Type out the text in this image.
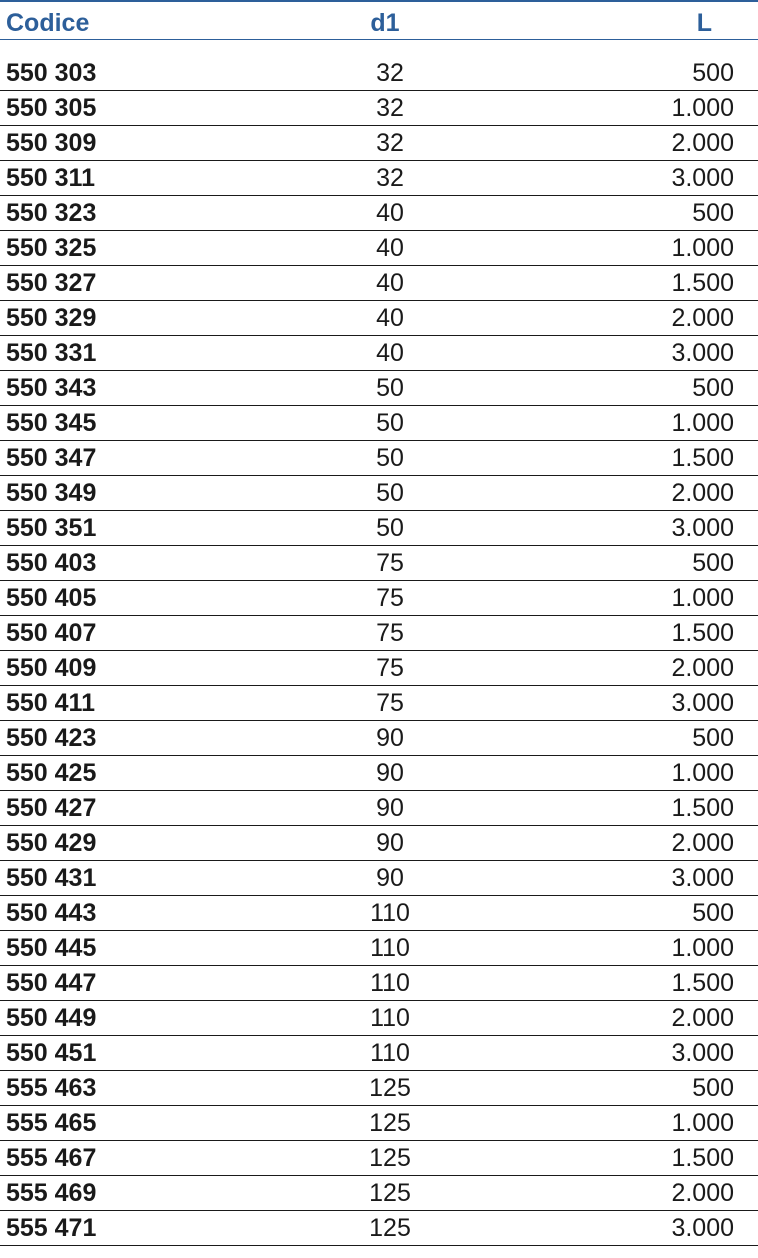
Codice	d1	L
550 303	32	500
550 305	32	1.000
550 309	32	2.000
550 311	32	3.000
550 323	40	500
550 325	40	1.000
550 327	40	1.500
550 329	40	2.000
550 331	40	3.000
550 343	50	500
550 345	50	1.000
550 347	50	1.500
550 349	50	2.000
550 351	50	3.000
550 403	75	500
550 405	75	1.000
550 407	75	1.500
550 409	75	2.000
550 411	75	3.000
550 423	90	500
550 425	90	1.000
550 427	90	1.500
550 429	90	2.000
550 431	90	3.000
550 443	110	500
550 445	110	1.000
550 447	110	1.500
550 449	110	2.000
550 451	110	3.000
555 463	125	500
555 465	125	1.000
555 467	125	1.500
555 469	125	2.000
555 471	125	3.000
